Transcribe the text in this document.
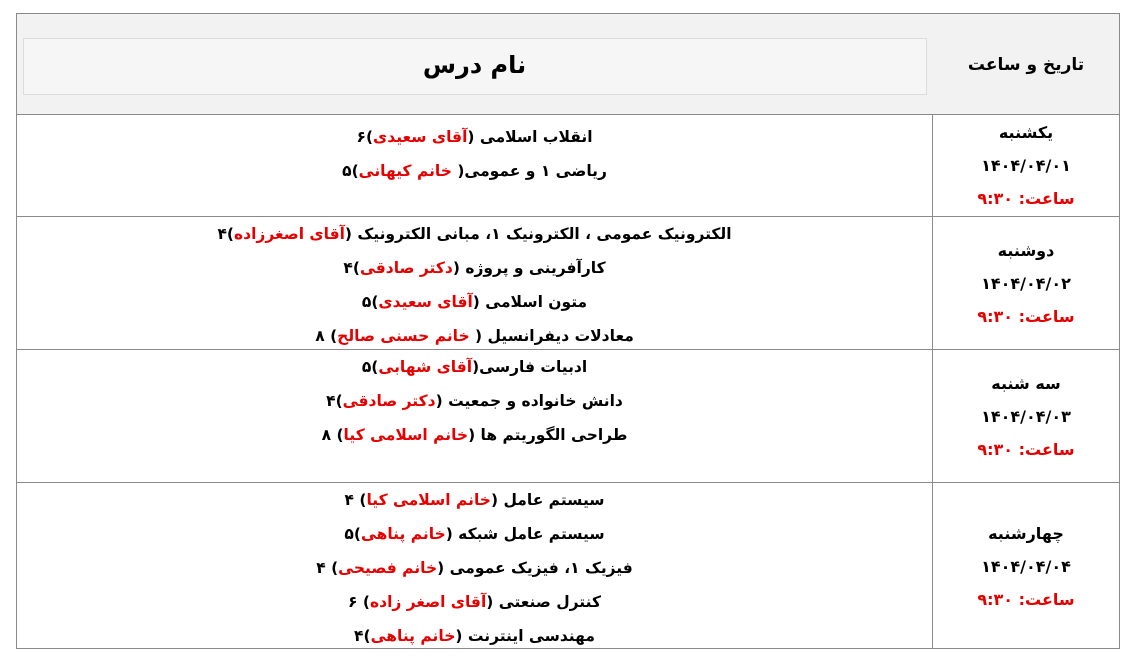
تاریخ و ساعت
نام درس
یکشنبه
۱۴۰۴/۰۴/۰۱
ساعت: ۹:۳۰
انقلاب اسلامی (آقای سعیدی)۶
ریاضی ۱ و عمومی( خانم کیهانی)۵
دوشنبه
۱۴۰۴/۰۴/۰۲
ساعت: ۹:۳۰
الکترونیک عمومی ، الکترونیک ۱، مبانی الکترونیک (آقای اصغرزاده)۴
کارآفرینی و پروژه (دکتر صادقی)۴
متون اسلامی (آقای سعیدی)۵
معادلات دیفرانسیل ( خانم حسنی صالح) ۸
سه شنبه
۱۴۰۴/۰۴/۰۳
ساعت: ۹:۳۰
ادبیات فارسی(آقای شهابی)۵
دانش خانواده و جمعیت (دکتر صادقی)۴
طراحی الگوریتم ها (خانم اسلامی کیا) ۸
چهارشنبه
۱۴۰۴/۰۴/۰۴
ساعت: ۹:۳۰
سیستم عامل (خانم اسلامی کیا) ۴
سیستم عامل شبکه (خانم پناهی)۵
فیزیک ۱، فیزیک عمومی (خانم فصیحی) ۴
کنترل صنعتی (آقای اصغر زاده) ۶
مهندسی اینترنت (خانم پناهی)۴
